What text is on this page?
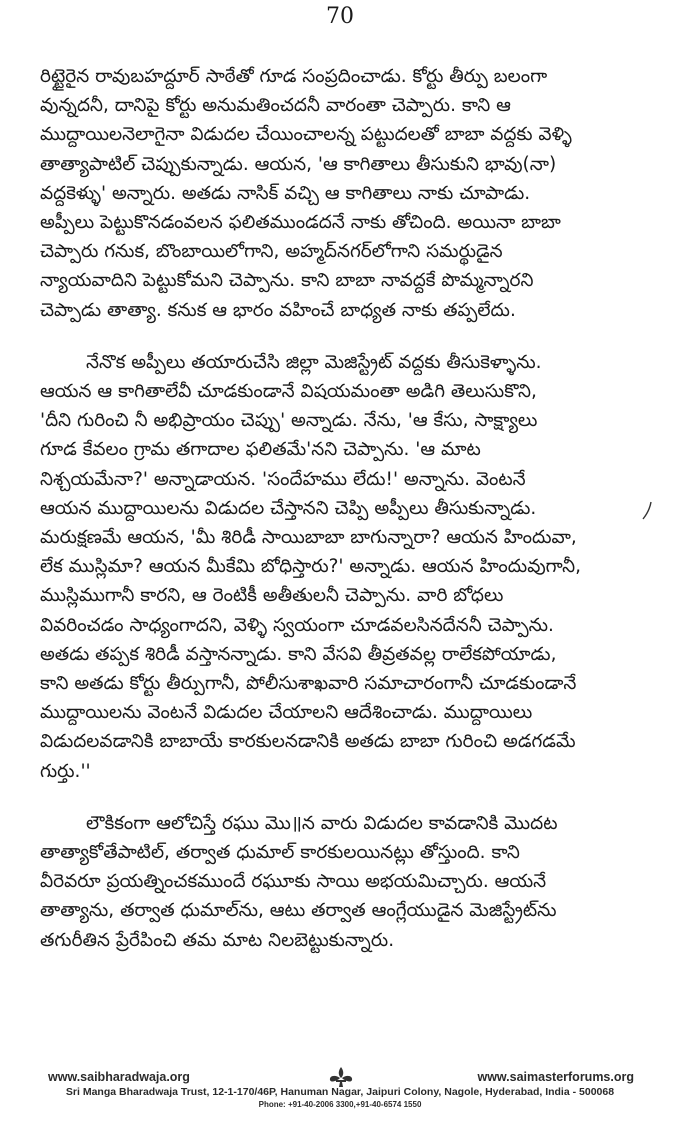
70
రిట్టైరైన రావుబహద్దూర్ సాఠేతో గూడ సంప్రదించాడు. కోర్టు తీర్పు బలంగా
వున్నదనీ, దానిపై కోర్టు అనుమతించదనీ వారంతా చెప్పారు. కాని ఆ
ముద్దాయిలనెలాగైనా విడుదల చేయించాలన్న పట్టుదలతో బాబా వద్దకు వెళ్ళి
తాత్యాపాటిల్ చెప్పుకున్నాడు. ఆయన, 'ఆ కాగితాలు తీసుకుని భావు(నా)
వద్దకెళ్ళు' అన్నారు. అతడు నాసిక్ వచ్చి ఆ కాగితాలు నాకు చూపాడు.
అప్పీలు పెట్టుకొనడంవలన ఫలితముండదనే నాకు తోచింది. అయినా బాబా
చెప్పారు గనుక, బొంబాయిలోగాని, అహ్మద్‌నగర్‌లోగాని సమర్థుడైన
న్యాయవాదిని పెట్టుకోమని చెప్పాను. కాని బాబా నావద్దకే పొమ్మన్నారని
చెప్పాడు తాత్యా. కనుక ఆ భారం వహించే బాధ్యత నాకు తప్పలేదు.
నేనొక అప్పీలు తయారుచేసి జిల్లా మెజిస్ట్రేట్ వద్దకు తీసుకెళ్ళాను.
ఆయన ఆ కాగితాలేవీ చూడకుండానే విషయమంతా అడిగి తెలుసుకొని,
'దీని గురించి నీ అభిప్రాయం చెప్పు' అన్నాడు. నేను, 'ఆ కేసు, సాక్ష్యాలు
గూడ కేవలం గ్రామ తగాదాల ఫలితమే'నని చెప్పాను. 'ఆ మాట
నిశ్చయమేనా?' అన్నాడాయన. 'సందేహము లేదు!' అన్నాను. వెంటనే
ఆయన ముద్దాయిలను విడుదల చేస్తానని చెప్పి అప్పీలు తీసుకున్నాడు.
మరుక్షణమే ఆయన, 'మీ శిరిడీ సాయిబాబా బాగున్నారా? ఆయన హిందువా,
లేక ముస్లిమా? ఆయన మీకేమి బోధిస్తారు?' అన్నాడు. ఆయన హిందువుగానీ,
ముస్లిముగానీ కారని, ఆ రెంటికీ అతీతులనీ చెప్పాను. వారి బోధలు
వివరించడం సాధ్యంగాదని, వెళ్ళి స్వయంగా చూడవలసినదేననీ చెప్పాను.
అతడు తప్పక శిరిడీ వస్తానన్నాడు. కాని వేసవి తీవ్రతవల్ల రాలేకపోయాడు,
కాని అతడు కోర్టు తీర్పుగానీ, పోలీసుశాఖవారి సమాచారంగానీ చూడకుండానే
ముద్దాయిలను వెంటనే విడుదల చేయాలని ఆదేశించాడు. ముద్దాయిలు
విడుదలవడానికి బాబాయే కారకులనడానికి అతడు బాబా గురించి అడగడమే
గుర్తు.''
లౌకికంగా ఆలోచిస్తే రఘు మొ॥న వారు విడుదల కావడానికి మొదట
తాత్యాకోతేపాటిల్, తర్వాత ధుమాల్ కారకులయినట్లు తోస్తుంది. కాని
వీరెవరూ ప్రయత్నించకముందే రఘూకు సాయి అభయమిచ్చారు. ఆయనే
తాత్యాను, తర్వాత ధుమాల్‌ను, ఆటు తర్వాత ఆంగ్లేయుడైన మెజిస్ట్రేట్‌ను
తగురీతిన ప్రేరేపించి తమ మాట నిలబెట్టుకున్నారు.
www.saibharadwaja.org	www.saimasterforums.org
Sri Manga Bharadwaja Trust, 12-1-170/46P, Hanuman Nagar, Jaipuri Colony, Nagole, Hyderabad, India - 500068
Phone: +91-40-2006 3300,+91-40-6574 1550
